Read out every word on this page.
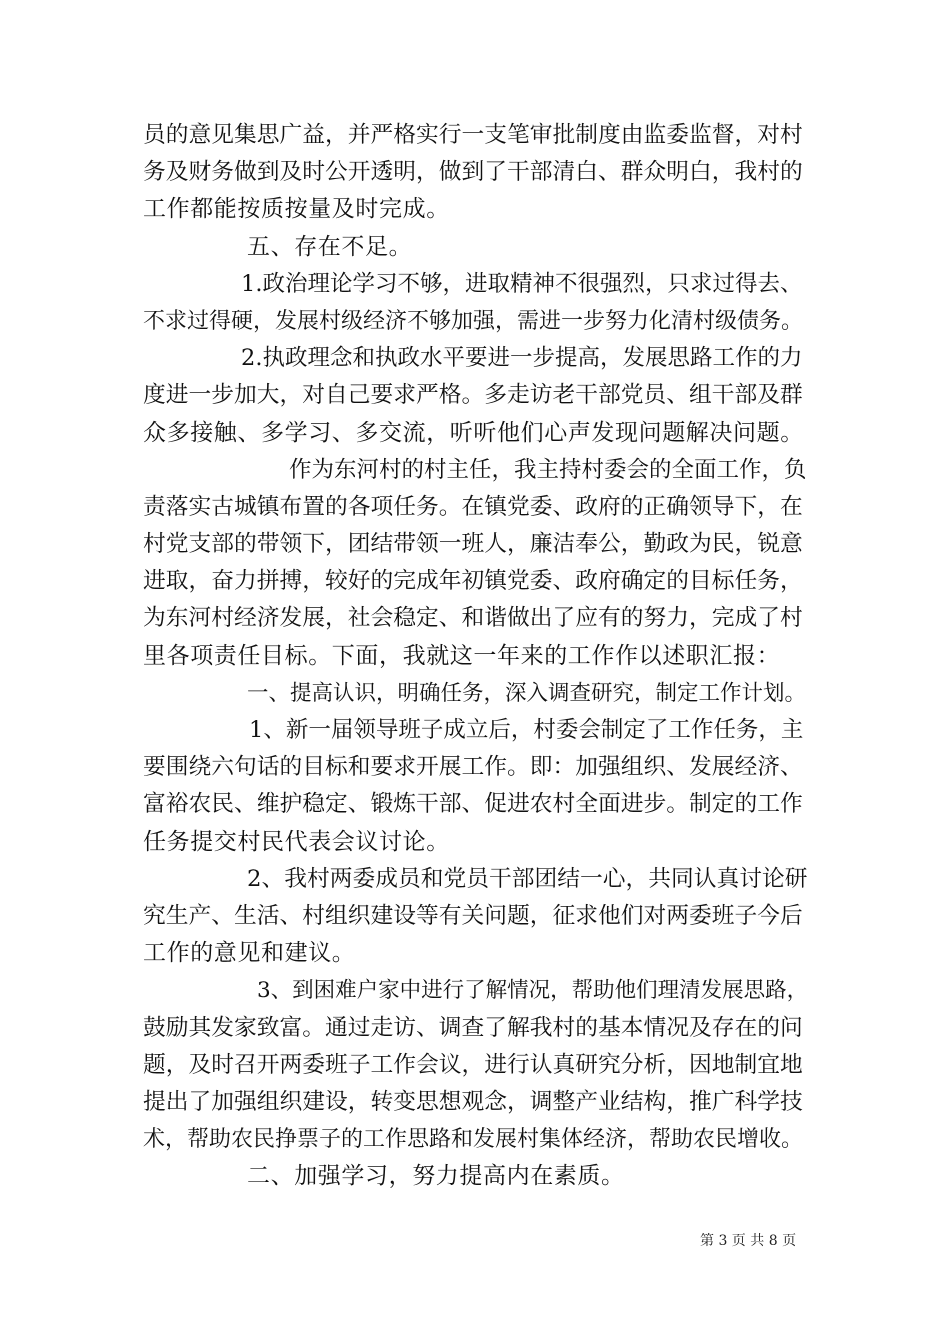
员的意见集思广益，并严格实行一支笔审批制度由监委监督，对村
务及财务做到及时公开透明，做到了干部清白、群众明白，我村的
工作都能按质按量及时完成。
五、存在不足。
1.政治理论学习不够，进取精神不很强烈，只求过得去、
不求过得硬，发展村级经济不够加强，需进一步努力化清村级债务。
2.执政理念和执政水平要进一步提高，发展思路工作的力
度进一步加大，对自己要求严格。多走访老干部党员、组干部及群
众多接触、多学习、多交流，听听他们心声发现问题解决问题。
作为东河村的村主任，我主持村委会的全面工作，负
责落实古城镇布置的各项任务。在镇党委、政府的正确领导下，在
村党支部的带领下，团结带领一班人，廉洁奉公，勤政为民，锐意
进取，奋力拼搏，较好的完成年初镇党委、政府确定的目标任务，
为东河村经济发展，社会稳定、和谐做出了应有的努力，完成了村
里各项责任目标。下面，我就这一年来的工作作以述职汇报：
一、提高认识，明确任务，深入调查研究，制定工作计划。
1、新一届领导班子成立后，村委会制定了工作任务，主
要围绕六句话的目标和要求开展工作。即：加强组织、发展经济、
富裕农民、维护稳定、锻炼干部、促进农村全面进步。制定的工作
任务提交村民代表会议讨论。
2、我村两委成员和党员干部团结一心，共同认真讨论研
究生产、生活、村组织建设等有关问题，征求他们对两委班子今后
工作的意见和建议。
3、到困难户家中进行了解情况，帮助他们理清发展思路，
鼓励其发家致富。通过走访、调查了解我村的基本情况及存在的问
题，及时召开两委班子工作会议，进行认真研究分析，因地制宜地
提出了加强组织建设，转变思想观念，调整产业结构，推广科学技
术，帮助农民挣票子的工作思路和发展村集体经济，帮助农民增收。
二、加强学习，努力提高内在素质。
第 3 页 共 8 页
